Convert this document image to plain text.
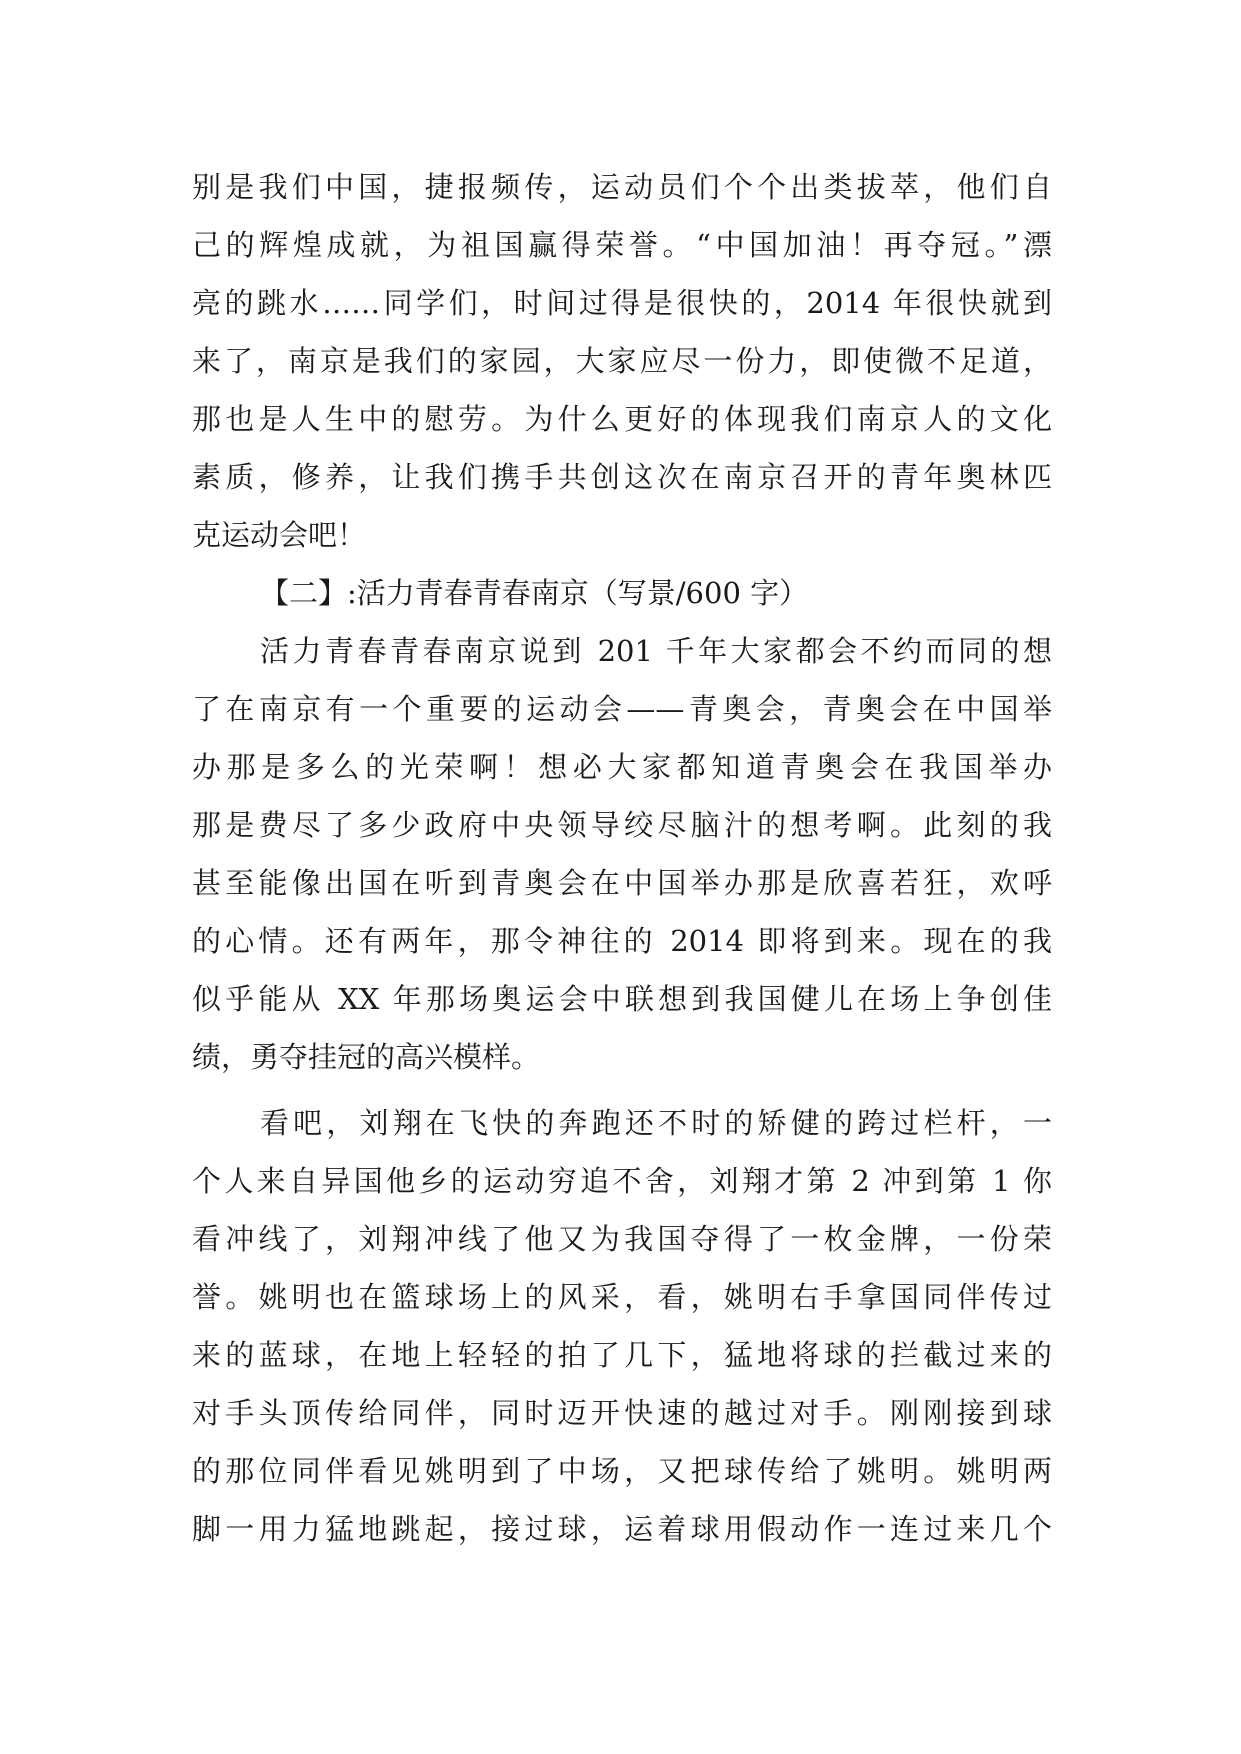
别是我们中国，捷报频传，运动员们个个出类拔萃，他们自
己的辉煌成就，为祖国赢得荣誉。“中国加油！再夺冠。”漂
亮的跳水……同学们，时间过得是很快的，2014 年很快就到
来了，南京是我们的家园，大家应尽一份力，即使微不足道，
那也是人生中的慰劳。为什么更好的体现我们南京人的文化
素质，修养，让我们携手共创这次在南京召开的青年奥林匹
克运动会吧！
【二】:活力青春青春南京（写景/600 字）
活力青春青春南京说到 201 千年大家都会不约而同的想
了在南京有一个重要的运动会——青奥会，青奥会在中国举
办那是多么的光荣啊！想必大家都知道青奥会在我国举办
那是费尽了多少政府中央领导绞尽脑汁的想考啊。此刻的我
甚至能像出国在听到青奥会在中国举办那是欣喜若狂，欢呼
的心情。还有两年，那令神往的 2014 即将到来。现在的我
似乎能从 XX 年那场奥运会中联想到我国健儿在场上争创佳
绩，勇夺挂冠的高兴模样。
看吧，刘翔在飞快的奔跑还不时的矫健的跨过栏杆，一
个人来自异国他乡的运动穷追不舍，刘翔才第 2 冲到第 1 你
看冲线了，刘翔冲线了他又为我国夺得了一枚金牌，一份荣
誉。姚明也在篮球场上的风采，看，姚明右手拿国同伴传过
来的蓝球，在地上轻轻的拍了几下，猛地将球的拦截过来的
对手头顶传给同伴，同时迈开快速的越过对手。刚刚接到球
的那位同伴看见姚明到了中场，又把球传给了姚明。姚明两
脚一用力猛地跳起，接过球，运着球用假动作一连过来几个
